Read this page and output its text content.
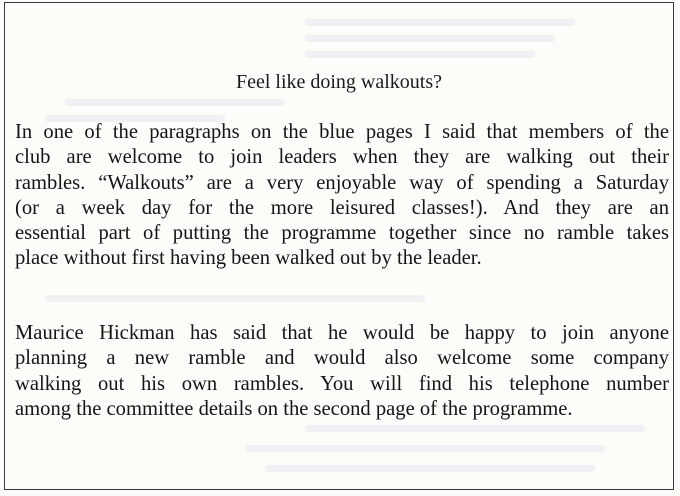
Feel like doing walkouts?

In one of the paragraphs on the blue pages I said that members of the
club are welcome to join leaders when they are walking out their
rambles. “Walkouts” are a very enjoyable way of spending a Saturday
(or a week day for the more leisured classes!). And they are an
essential part of putting the programme together since no ramble takes
place without first having been walked out by the leader.

Maurice Hickman has said that he would be happy to join anyone
planning a new ramble and would also welcome some company
walking out his own rambles. You will find his telephone number
among the committee details on the second page of the programme.
